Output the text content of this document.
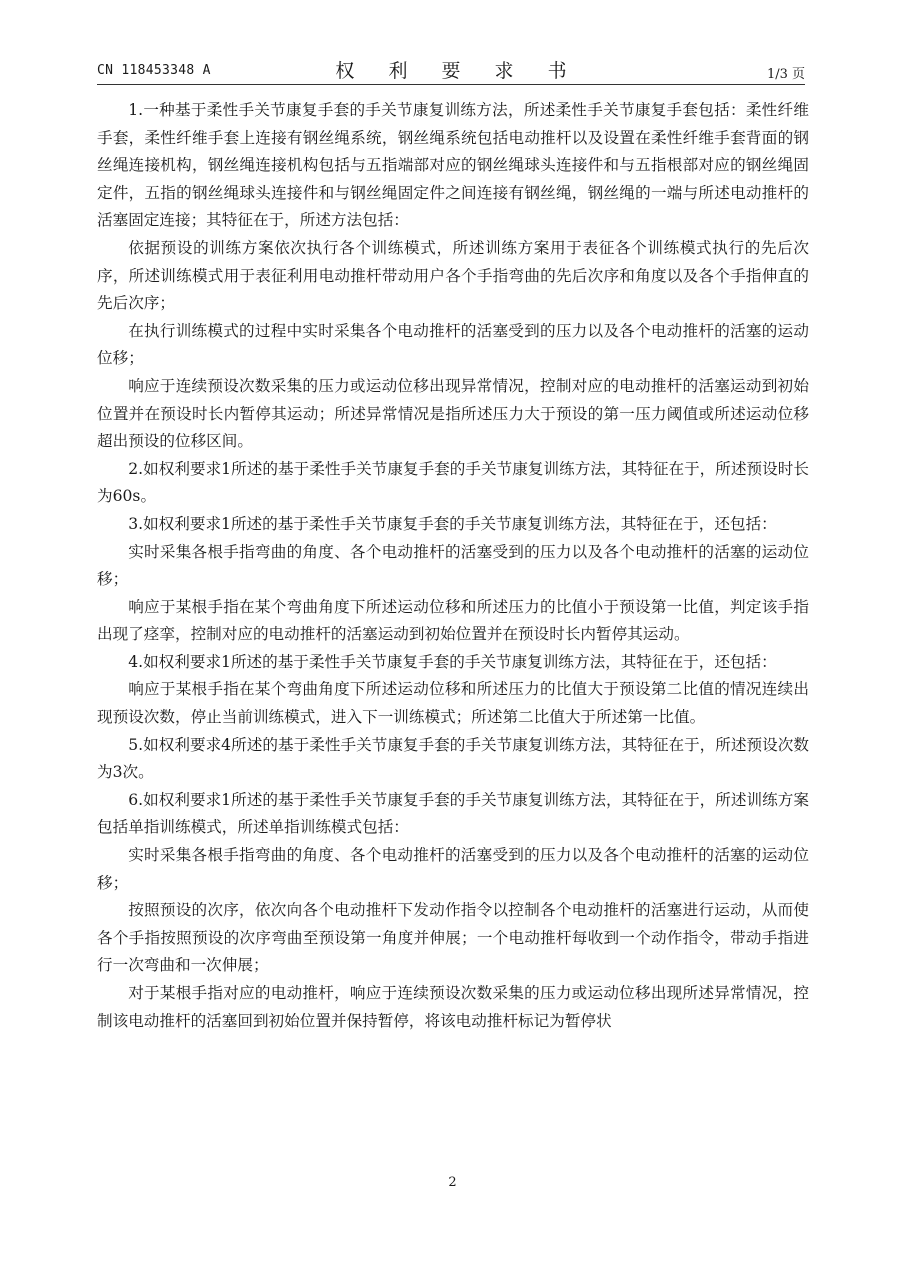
CN 118453348 A	权 利 要 求 书	1/3 页

1.一种基于柔性手关节康复手套的手关节康复训练方法，所述柔性手关节康复手套包括：柔性纤维手套，柔性纤维手套上连接有钢丝绳系统，钢丝绳系统包括电动推杆以及设置在柔性纤维手套背面的钢丝绳连接机构，钢丝绳连接机构包括与五指端部对应的钢丝绳球头连接件和与五指根部对应的钢丝绳固定件，五指的钢丝绳球头连接件和与钢丝绳固定件之间连接有钢丝绳，钢丝绳的一端与所述电动推杆的活塞固定连接；其特征在于，所述方法包括：

依据预设的训练方案依次执行各个训练模式，所述训练方案用于表征各个训练模式执行的先后次序，所述训练模式用于表征利用电动推杆带动用户各个手指弯曲的先后次序和角度以及各个手指伸直的先后次序；

在执行训练模式的过程中实时采集各个电动推杆的活塞受到的压力以及各个电动推杆的活塞的运动位移；

响应于连续预设次数采集的压力或运动位移出现异常情况，控制对应的电动推杆的活塞运动到初始位置并在预设时长内暂停其运动；所述异常情况是指所述压力大于预设的第一压力阈值或所述运动位移超出预设的位移区间。

2.如权利要求1所述的基于柔性手关节康复手套的手关节康复训练方法，其特征在于，所述预设时长为60s。

3.如权利要求1所述的基于柔性手关节康复手套的手关节康复训练方法，其特征在于，还包括：

实时采集各根手指弯曲的角度、各个电动推杆的活塞受到的压力以及各个电动推杆的活塞的运动位移；

响应于某根手指在某个弯曲角度下所述运动位移和所述压力的比值小于预设第一比值，判定该手指出现了痉挛，控制对应的电动推杆的活塞运动到初始位置并在预设时长内暂停其运动。

4.如权利要求1所述的基于柔性手关节康复手套的手关节康复训练方法，其特征在于，还包括：

响应于某根手指在某个弯曲角度下所述运动位移和所述压力的比值大于预设第二比值的情况连续出现预设次数，停止当前训练模式，进入下一训练模式；所述第二比值大于所述第一比值。

5.如权利要求4所述的基于柔性手关节康复手套的手关节康复训练方法，其特征在于，所述预设次数为3次。

6.如权利要求1所述的基于柔性手关节康复手套的手关节康复训练方法，其特征在于，所述训练方案包括单指训练模式，所述单指训练模式包括：

实时采集各根手指弯曲的角度、各个电动推杆的活塞受到的压力以及各个电动推杆的活塞的运动位移；

按照预设的次序，依次向各个电动推杆下发动作指令以控制各个电动推杆的活塞进行运动，从而使各个手指按照预设的次序弯曲至预设第一角度并伸展；一个电动推杆每收到一个动作指令，带动手指进行一次弯曲和一次伸展；

对于某根手指对应的电动推杆，响应于连续预设次数采集的压力或运动位移出现所述异常情况，控制该电动推杆的活塞回到初始位置并保持暂停，将该电动推杆标记为暂停状

2
